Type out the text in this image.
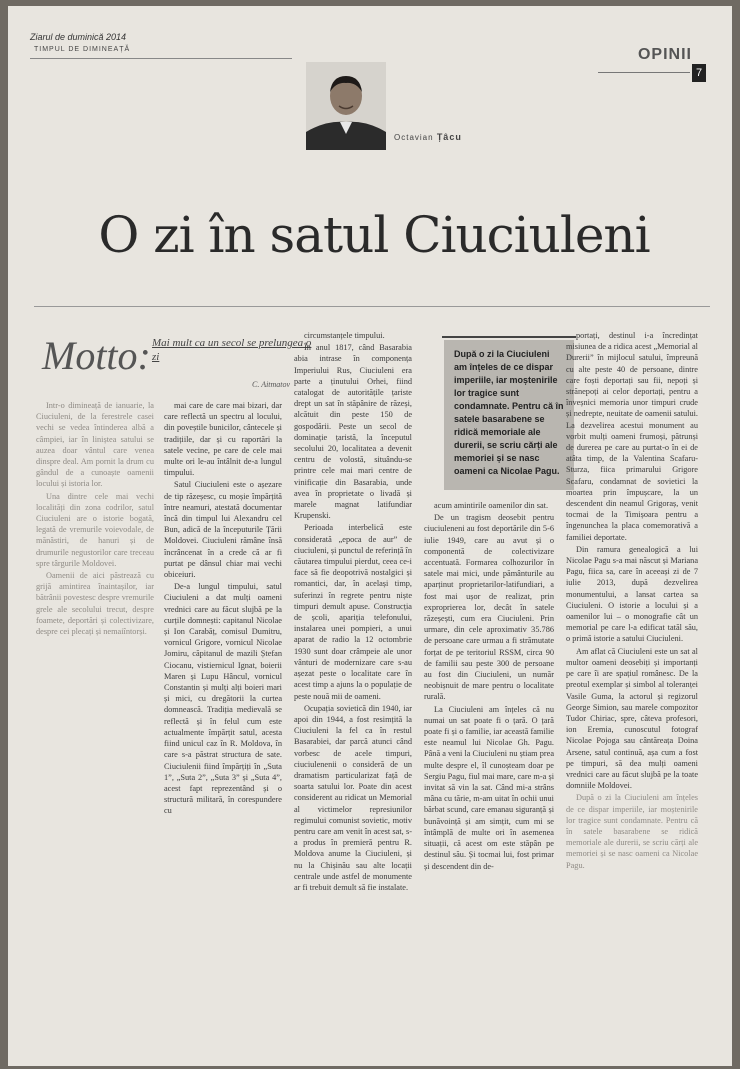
Ziarul de duminică 2014
TIMPUL DE DIMINEAȚĂ	OPINII
7
Octavian Țâcu
O zi în satul Ciuciuleni
Motto: Mai mult ca un secol se prelungea o zi
C. Aitmatov

Intr-o dimineață de ianuarie, la Ciuciuleni, de la ferestrele casei vechi se vedea întinderea albă a câmpiei, iar în liniștea satului se auzea doar vântul care venea dinspre deal. Am pornit la drum cu gândul de a cunoaște oamenii locului și istoria lor.

Una dintre cele mai vechi localități din zona codrilor, satul Ciuciuleni are o istorie bogată, legată de vremurile voievodale, de mănăstiri, de hanuri și de drumurile negustorilor care treceau spre târgurile Moldovei.

Oamenii de aici păstrează cu grijă amintirea înaintașilor, iar bătrânii povestesc despre vremurile grele ale secolului trecut, despre foamete, deportări și colectivizare, despre cei plecați și nemaiîntorși.

mai care de care mai bizari, dar care reflectă un spectru al locului, din poveștile bunicilor, cântecele și tradițiile, dar și cu raportări la satele vecine, pe care de cele mai multe ori le-au întâlnit de-a lungul timpului.

Satul Ciuciuleni este o așezare de tip răzeșesc, cu moșie împărțită între neamuri, atestată documentar încă din timpul lui Alexandru cel Bun, adică de la începuturile Țării Moldovei. Ciuciuleni rămâne însă încrâncenat în a crede că ar fi purtat pe dânsul chiar mai vechi obiceiuri.

De-a lungul timpului, satul Ciuciuleni a dat mulți oameni vrednici care au făcut slujbă pe la curțile domnești: capitanul Nicolae și Ion Carabăț, comisul Dumitru, vornicul Grigore, vornicul Nicolae Jomiru, căpitanul de mazili Ștefan Ciocanu, vistiernicul Ignat, boierii Maren și Lupu Hâncul, vornicul Constantin și mulți alți boieri mari și mici, cu dregătorii la curtea domnească. Tradiția medievală se reflectă și în felul cum este actualmente împărțit satul, acesta fiind unicul caz în R. Moldova, în care s-a păstrat structura de sate. Ciuciulenii fiind împărțiți în „Suta 1”, „Suta 2”, „Suta 3” și „Suta 4”, acest fapt reprezentând și o structură militară, în corespundere cu

circumstanțele timpului.

În anul 1817, când Basarabia abia intrase în componența Imperiului Rus, Ciuciuleni era parte a ținutului Orhei, fiind catalogat de autoritățile țariste drept un sat în stăpânire de răzeși, alcătuit din peste 150 de gospodării. Peste un secol de dominație țaristă, la începutul secolului 20, localitatea a devenit centru de volostă, situându-se printre cele mai mari centre de vinificație din Basarabia, unde avea în proprietate o livadă și marele magnat latifundiar Krupenski.

Perioada interbelică este considerată „epoca de aur” de ciuciuleni, și punctul de referință în căutarea timpului pierdut, ceea ce-i face să fie deopotrivă nostalgici și romantici, dar, în același timp, suferinzi în regrete pentru niște timpuri demult apuse. Construcția de școli, apariția telefonului, instalarea unei pompieri, a unui aparat de radio la 12 octombrie 1930 sunt doar crâmpeie ale unor vânturi de modernizare care s-au așezat peste o localitate care în acest timp a ajuns la o populație de peste nouă mii de oameni.

Ocupația sovietică din 1940, iar apoi din 1944, a fost resimțită la Ciuciuleni la fel ca în restul Basarabiei, dar parcă atunci când vorbesc de acele timpuri, ciuciulenenii o consideră de un dramatism particularizat față de soarta satului lor. Poate din acest considerent au ridicat un Memorial al victimelor represiunilor regimului comunist sovietic, motiv pentru care am venit în acest sat, s-a produs în premieră pentru R. Moldova anume la Ciuciuleni, și nu la Chișinău sau alte locații centrale unde astfel de monumente ar fi trebuit demult să fie instalate.

După o zi la Ciuciuleni am înțeles de ce dispar imperiile, iar moștenirile lor tragice sunt condamnate. Pentru că în satele basarabene se ridică memoriale ale durerii, se scriu cărți ale memoriei și se nasc oameni ca Nicolae Pagu.

acum amintirile oamenilor din sat.

De un tragism deosebit pentru ciuciuleneni au fost deportările din 5-6 iulie 1949, care au avut și o componentă de colectivizare accentuată. Formarea colhozurilor în satele mai mici, unde pământurile au aparținut proprietarilor-latifundiari, a fost mai ușor de realizat, prin exproprierea lor, decât în satele răzeșești, cum era Ciuciuleni. Prin urmare, din cele aproximativ 35.786 de persoane care urmau a fi strămutate forțat de pe teritoriul RSSM, circa 90 de familii sau peste 300 de persoane au fost din Ciuciuleni, un număr neobișnuit de mare pentru o localitate rurală.

La Ciuciuleni am înțeles că nu numai un sat poate fi o țară. O țară poate fi și o familie, iar această familie este neamul lui Nicolae Gh. Pagu. Până a veni la Ciuciuleni nu știam prea multe despre el, îl cunoșteam doar pe Sergiu Pagu, fiul mai mare, care m-a și invitat să vin la sat. Când mi-a strâns mâna cu tărie, m-am uitat în ochii unui bărbat scund, care emanau siguranță și bunăvoință și am simțit, cum mi se întâmplă de multe ori în asemenea situații, că acest om este stăpân pe destinul său. Și tocmai lui, fost primar și descendent din de-

portați, destinul i-a încredințat misiunea de a ridica acest „Memorial al Durerii” în mijlocul satului, împreună cu alte peste 40 de persoane, dintre care foști deportați sau fii, nepoți și strănepoți ai celor deportați, pentru a înveșnici memoria unor timpuri crude și nedrepte, neuitate de oamenii satului. La dezvelirea acestui monument au vorbit mulți oameni frumoși, pătrunși de durerea pe care au purtat-o în ei de atâta timp, de la Valentina Scafaru-Sturza, fiica primarului Grigore Scafaru, condamnat de sovietici la moartea prin împușcare, la un descendent din neamul Grigoraș, venit tocmai de la Timișoara pentru a îngenunchea la placa comemorativă a familiei deportate.

Din ramura genealogică a lui Nicolae Pagu s-a mai născut și Mariana Pagu, fiica sa, care în aceeași zi de 7 iulie 2013, după dezvelirea monumentului, a lansat cartea sa Ciuciuleni. O istorie a locului și a oamenilor lui – o monografie cât un memorial pe care l-a edificat tatăl său, o primă istorie a satului Ciuciuleni.

Am aflat că Ciuciuleni este un sat al multor oameni deosebiți și importanți pe care îi are spațiul românesc. De la preotul exemplar și simbol al toleranței Vasile Guma, la actorul și regizorul George Simion, sau marele compozitor Tudor Chiriac, spre, câteva profesori, ion Eremia, cunoscutul fotograf Nicolae Pojoga sau cântăreața Doina Arsene, satul continuă, așa cum a fost pe timpuri, să dea mulți oameni vrednici care au făcut slujbă pe la toate domniile Moldovei.

După o zi la Ciuciuleni am înțeles de ce dispar imperiile, iar moștenirile lor tragice sunt condamnate. Pentru că în satele basarabene se ridică memoriale ale durerii, se scriu cărți ale memoriei și se nasc oameni ca Nicolae Pagu.
